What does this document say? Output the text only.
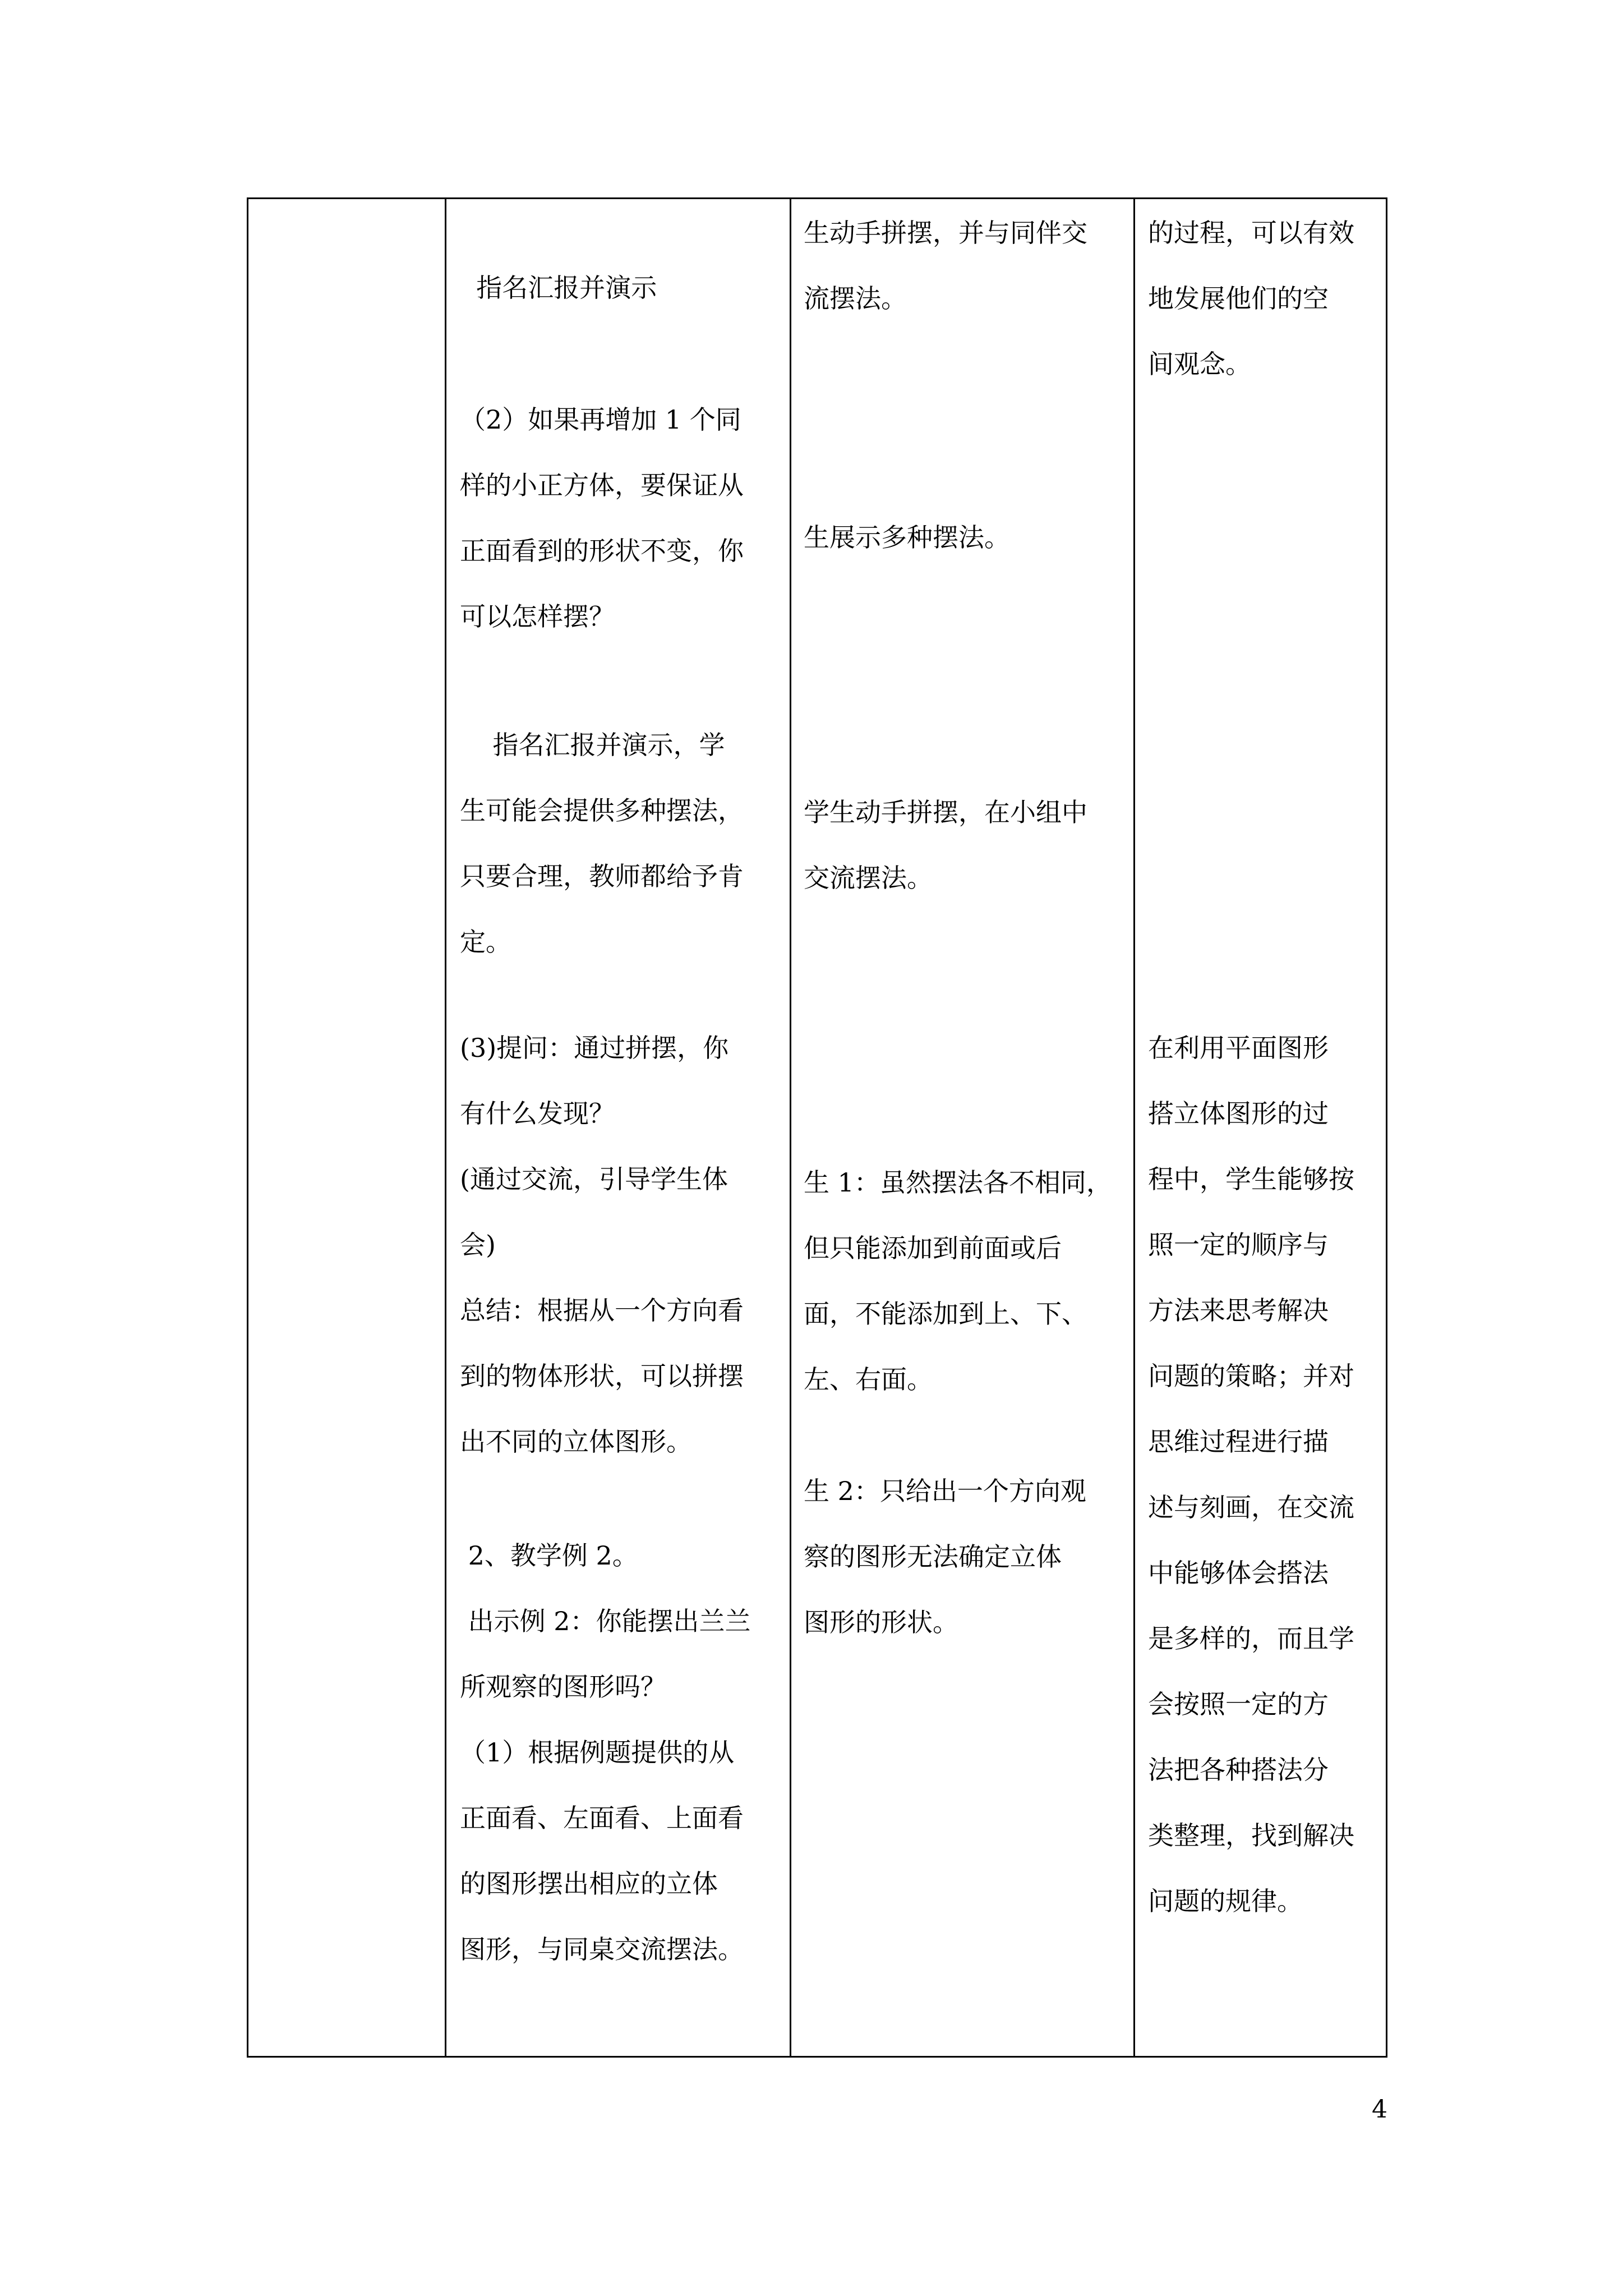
4
指名汇报并演示
（2）如果再增加 1 个同
样的小正方体，要保证从
正面看到的形状不变，你
可以怎样摆？
指名汇报并演示，学
生可能会提供多种摆法，
只要合理，教师都给予肯
定。
(3)提问：通过拼摆，你
有什么发现？
(通过交流，引导学生体
会)
总结：根据从一个方向看
到的物体形状，可以拼摆
出不同的立体图形。
2、教学例 2。
出示例 2：你能摆出兰兰
所观察的图形吗？
（1）根据例题提供的从
正面看、左面看、上面看
的图形摆出相应的立体
图形，与同桌交流摆法。
生动手拼摆，并与同伴交
流摆法。
生展示多种摆法。
学生动手拼摆，在小组中
交流摆法。
生 1：虽然摆法各不相同，
但只能添加到前面或后
面，不能添加到上、下、
左、右面。
生 2：只给出一个方向观
察的图形无法确定立体
图形的形状。
的过程，可以有效
地发展他们的空
间观念。
在利用平面图形
搭立体图形的过
程中，学生能够按
照一定的顺序与
方法来思考解决
问题的策略；并对
思维过程进行描
述与刻画，在交流
中能够体会搭法
是多样的，而且学
会按照一定的方
法把各种搭法分
类整理，找到解决
问题的规律。
